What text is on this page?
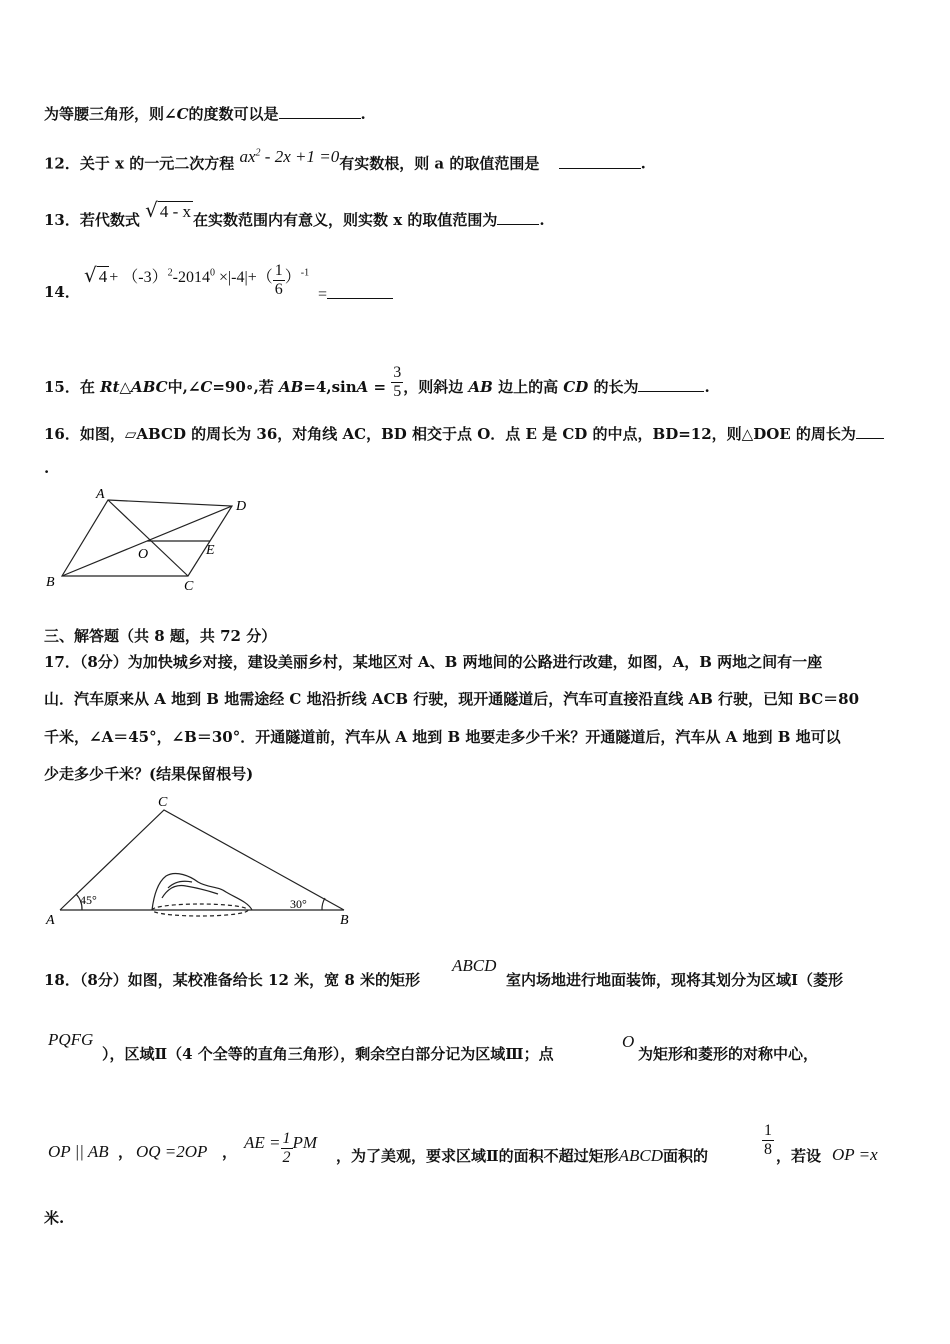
为等腰三角形，则∠C的度数可以是	.
12．关于 x 的一元二次方程 $ax^2 - 2x +1 =0$有实数根，则 a 的取值范围是	.
13．若代数式 √ 4 - x 在实数范围内有意义，则实数 x 的取值范围为	.
14．
√ $4 + (-3)^2-2014^0 \times|-4|+( \frac{1}{6} )^{-1}$
=
15．在 Rt△ABC中,∠C=90∘,若 $AB=4,\sin A = \frac{3}{5}$ ，则斜边 AB 边上的高 CD 的长为	.
16．如图，▱ABCD 的周长为 36，对角线 AC，BD 相交于点 O．点 E 是 CD 的中点，BD=12，则△DOE 的周长为
.
A
D
O	E
B	C
三、解答题（共 8 题，共 72 分）
17．（8分）为加快城乡对接，建设美丽乡村，某地区对 A、B 两地间的公路进行改建，如图，A，B 两地之间有一座
山．汽车原来从 A 地到 B 地需途经 C 地沿折线 ACB 行驶，现开通隧道后，汽车可直接沿直线 AB 行驶，已知 BC＝80
千米，∠A＝45°，∠B＝30°．开通隧道前，汽车从 A 地到 B 地要走多少千米？开通隧道后，汽车从 A 地到 B 地可以
少走多少千米？(结果保留根号)
A
C
B
45°	30°
18．（8分）如图，某校准备给长 12 米，宽 8 米的矩形
ABCD
室内场地进行地面装饰，现将其划分为区域Ⅰ（菱形
PQFG
），区域Ⅱ（4 个全等的直角三角形），剩余空白部分记为区域Ⅲ；点
O
为矩形和菱形的对称中心，
OP || AB ， OQ =2OP ， AE = $\frac{1}{2}$ PM
，为了美观，要求区域Ⅱ的面积不超过矩形ABCD面积的	$\frac{1}{8}$ ，若设 OP =x
米.
